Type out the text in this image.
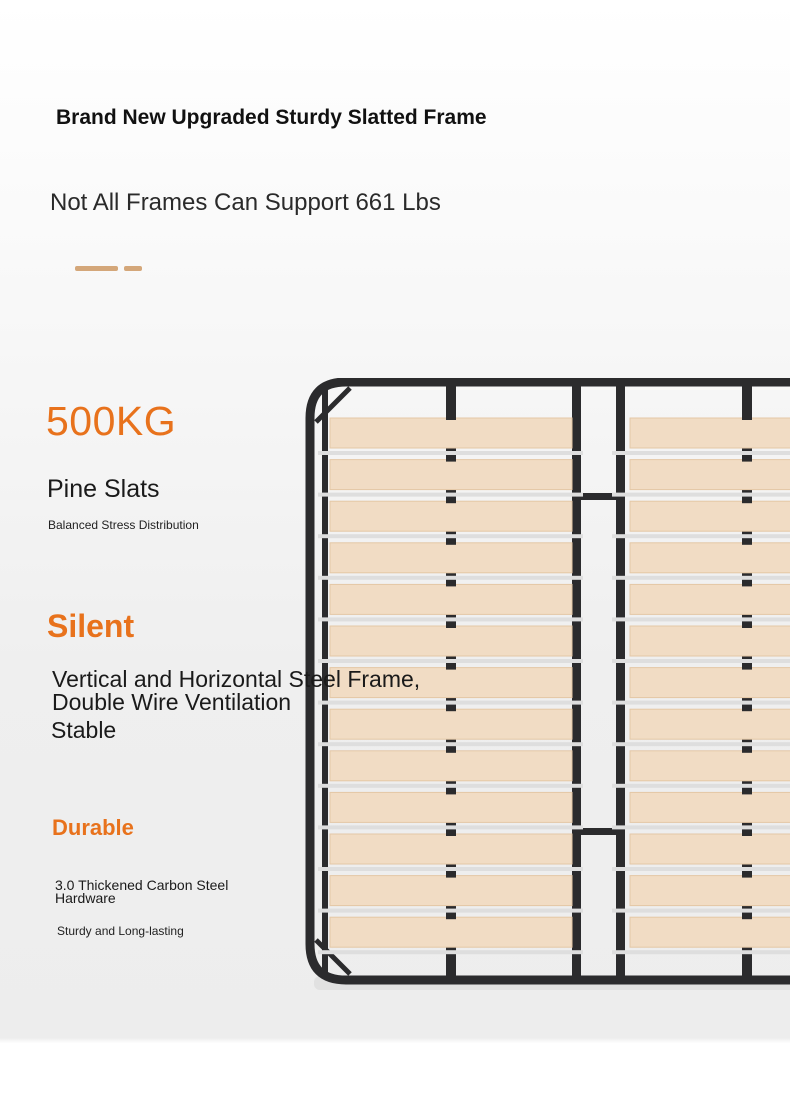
Brand New Upgraded Sturdy Slatted Frame
Not All Frames Can Support 661 Lbs
500KG
Pine Slats
Balanced Stress Distribution
Silent
Vertical and Horizontal Steel Frame, Double Wire Ventilation
Stable
Durable
3.0 Thickened Carbon Steel Hardware
Sturdy and Long-lasting
